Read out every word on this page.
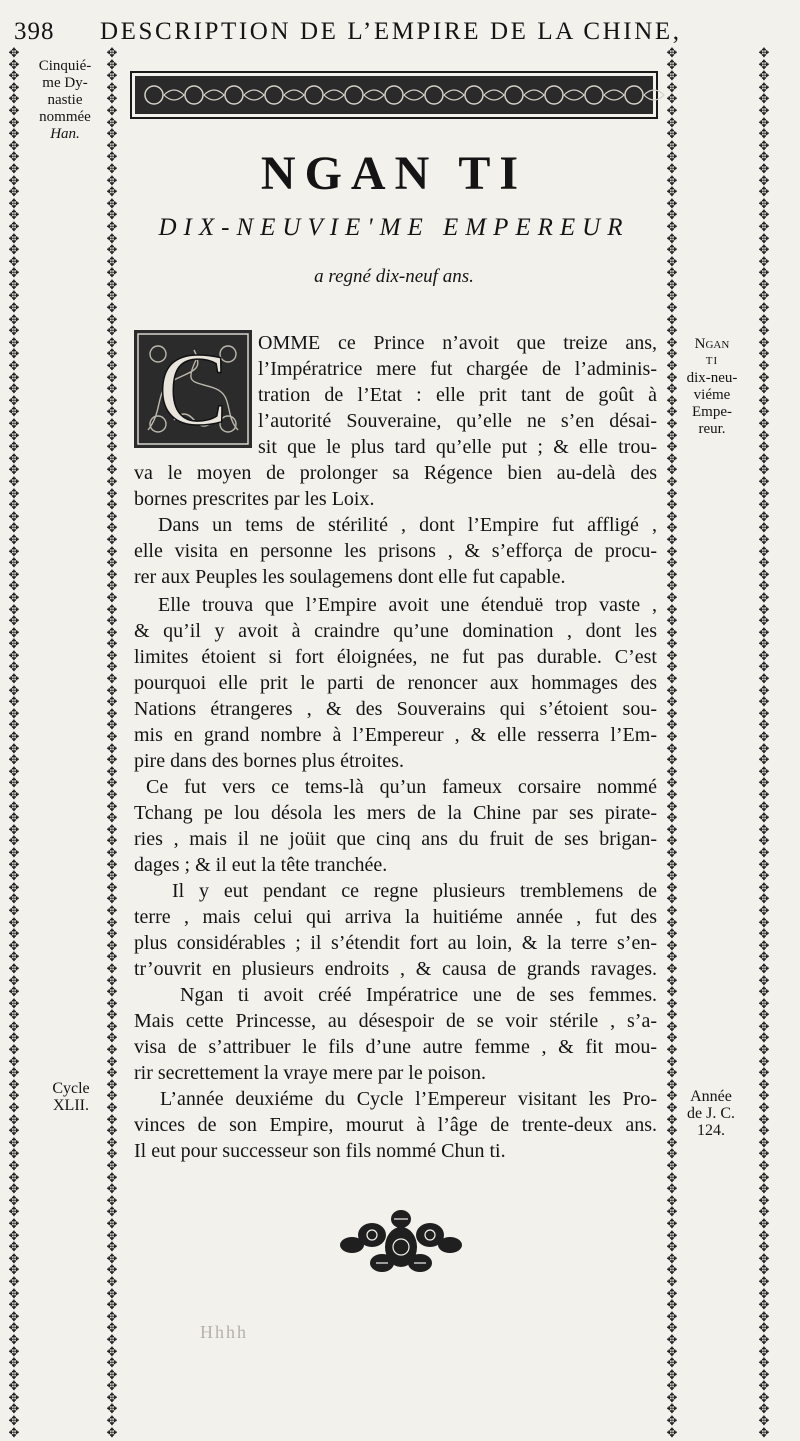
398 DESCRIPTION DE L’EMPIRE DE LA CHINE,
✥
✥
✥
✥
✥
✥
✥
✥
✥
✥
✥
✥
✥
✥
✥
✥
✥
✥
✥
✥
✥
✥
✥
✥
✥
✥
✥
✥
✥
✥
✥
✥
✥
✥
✥
✥
✥
✥
✥
✥
✥
✥
✥
✥
✥
✥
✥
✥
✥
✥
✥
✥
✥
✥
✥
✥
✥
✥
✥
✥
✥
✥
✥
✥
✥
✥
✥
✥
✥
✥
✥
✥
✥
✥
✥
✥
✥
✥
✥
✥
✥
✥
✥
✥
✥
✥
✥
✥
✥
✥
✥
✥
✥
✥
✥
✥
✥
✥
✥
✥
✥
✥
✥
✥
✥
✥
✥
✥
✥
✥
✥
✥
✥
✥
✥
✥
✥
✥
✥
✥
✥
✥
✥
✥
✥
✥
✥
✥
✥
✥
✥
✥
✥
✥
✥
✥
✥
✥
✥
✥
✥
✥
✥
✥
✥
✥
✥
✥
✥
✥
✥
✥
✥
✥
✥
✥
✥
✥
✥
✥
✥
✥
✥
✥
✥
✥
✥
✥
✥
✥
✥
✥
✥
✥
✥
✥
✥
✥
✥
✥
✥
✥
✥
✥
✥
✥
✥
✥
✥
✥
✥
✥
✥
✥
✥
✥
✥
✥
✥
✥
✥
✥
✥
✥
✥
✥
✥
✥
✥
✥
✥
✥
✥
✥
✥
✥
✥
✥
✥
✥
✥
✥
✥
✥
✥
✥
✥
✥
✥
✥
✥
✥
✥
✥
✥
✥
✥
✥
✥
✥
✥
✥
✥
✥
✥
✥
✥
✥
✥
✥
✥
✥
✥
✥
✥
✥
✥
✥
✥
✥
✥
✥
✥
✥
✥
✥
✥
✥
✥
✥
✥
✥
✥
✥
✥
✥
✥
✥
✥
✥
✥
✥
✥
✥
✥
✥
✥
✥
✥
✥
✥
✥
✥
✥
✥
✥
✥
✥
✥
✥
✥
✥
✥
✥
✥
✥
✥
✥
✥
✥
✥
✥
✥
✥
✥
✥
✥
✥
✥
✥
✥
✥
✥
✥
✥
✥
✥
✥
✥
✥
✥
✥
✥
✥
✥
✥
✥
✥
✥
✥
✥
✥
✥
✥
✥
✥
✥
✥
✥
✥
✥
✥
✥
✥
✥
✥
✥
✥
✥
✥
✥
✥
✥
✥
✥
✥
✥
✥
✥
✥
✥
✥
✥
✥
✥
✥
✥
✥
✥
✥
✥
✥
✥
✥
✥
✥
✥
✥
✥
✥
✥
✥
✥
✥
✥
✥
✥
✥
✥
✥
✥
✥
✥
✥
✥
✥
✥
✥
✥
✥
✥
✥
✥
✥
✥
✥
✥
✥
✥
✥
✥
✥
✥
✥
✥
✥
✥
✥
✥
✥
✥
✥
✥
✥
✥
✥
✥
✥
✥
✥
✥
✥
✥
✥
✥
✥
✥
✥
✥
✥
✥
✥
✥
✥
✥
✥
✥
✥
✥
✥
✥
✥
✥
✥
✥
✥
✥
✥
✥
✥
✥
✥
✥
✥
✥
✥
✥
✥
✥
✥
NGAN TI
DIX-NEUVIE'ME EMPEREUR
a regné dix-neuf ans.
Cinquié-
me Dy-
nastie
nommée
Han.
Ngan
TI
dix-neu-
viéme
Empe-
reur.
Cycle
XLII.
Année
de J. C.
124.
C OMME ce Prince n’avoit que treize ans,
l’Impératrice mere fut chargée de l’adminis-
tration de l’Etat : elle prit tant de goût à
l’autorité Souveraine, qu’elle ne s’en désai-
sit que le plus tard qu’elle put ; & elle trou-
va le moyen de prolonger sa Régence bien au-delà des
bornes prescrites par les Loix.
Dans un tems de stérilité , dont l’Empire fut affligé ,
elle visita en personne les prisons , & s’efforça de procu-
rer aux Peuples les soulagemens dont elle fut capable.
Elle trouva que l’Empire avoit une étenduë trop vaste ,
& qu’il y avoit à craindre qu’une domination , dont les
limites étoient si fort éloignées, ne fut pas durable. C’est
pourquoi elle prit le parti de renoncer aux hommages des
Nations étrangeres , & des Souverains qui s’étoient sou-
mis en grand nombre à l’Empereur , & elle resserra l’Em-
pire dans des bornes plus étroites.
Ce fut vers ce tems-là qu’un fameux corsaire nommé
Tchang pe lou désola les mers de la Chine par ses pirate-
ries , mais il ne joüit que cinq ans du fruit de ses brigan-
dages ; & il eut la tête tranchée.
Il y eut pendant ce regne plusieurs tremblemens de
terre , mais celui qui arriva la huitiéme année , fut des
plus considérables ; il s’étendit fort au loin, & la terre s’en-
tr’ouvrit en plusieurs endroits , & causa de grands ravages.
Ngan ti avoit créé Impératrice une de ses femmes.
Mais cette Princesse, au désespoir de se voir stérile , s’a-
visa de s’attribuer le fils d’une autre femme , & fit mou-
rir secrettement la vraye mere par le poison.
L’année deuxiéme du Cycle l’Empereur visitant les Pro-
vinces de son Empire, mourut à l’âge de trente-deux ans.
Il eut pour successeur son fils nommé Chun ti.
Hhhh
